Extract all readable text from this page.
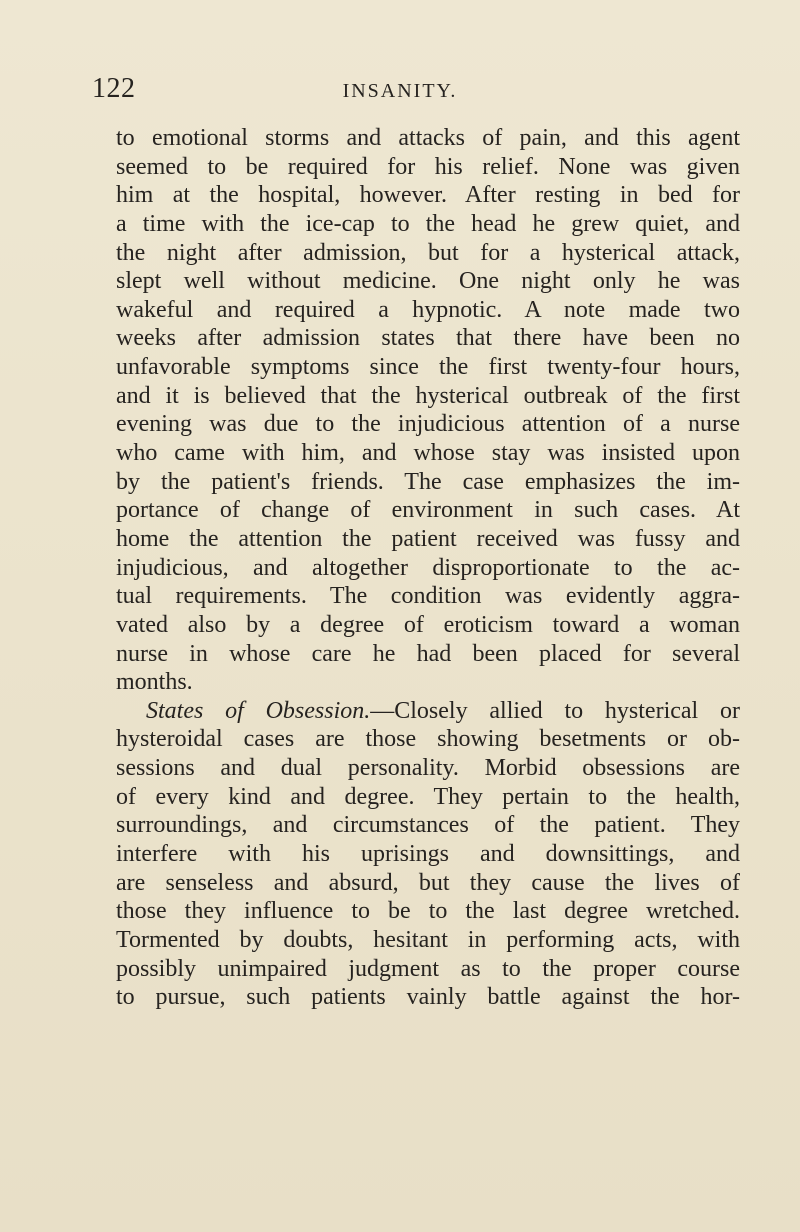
122	INSANITY.
to emotional storms and attacks of pain, and this agent
seemed to be required for his relief. None was given
him at the hospital, however. After resting in bed for
a time with the ice-cap to the head he grew quiet, and
the night after admission, but for a hysterical attack,
slept well without medicine. One night only he was
wakeful and required a hypnotic. A note made two
weeks after admission states that there have been no
unfavorable symptoms since the first twenty-four hours,
and it is believed that the hysterical outbreak of the first
evening was due to the injudicious attention of a nurse
who came with him, and whose stay was insisted upon
by the patient's friends. The case emphasizes the im-
portance of change of environment in such cases. At
home the attention the patient received was fussy and
injudicious, and altogether disproportionate to the ac-
tual requirements. The condition was evidently aggra-
vated also by a degree of eroticism toward a woman
nurse in whose care he had been placed for several
months.
States of Obsession.—Closely allied to hysterical or
hysteroidal cases are those showing besetments or ob-
sessions and dual personality. Morbid obsessions are
of every kind and degree. They pertain to the health,
surroundings, and circumstances of the patient. They
interfere with his uprisings and downsittings, and
are senseless and absurd, but they cause the lives of
those they influence to be to the last degree wretched.
Tormented by doubts, hesitant in performing acts, with
possibly unimpaired judgment as to the proper course
to pursue, such patients vainly battle against the hor-
